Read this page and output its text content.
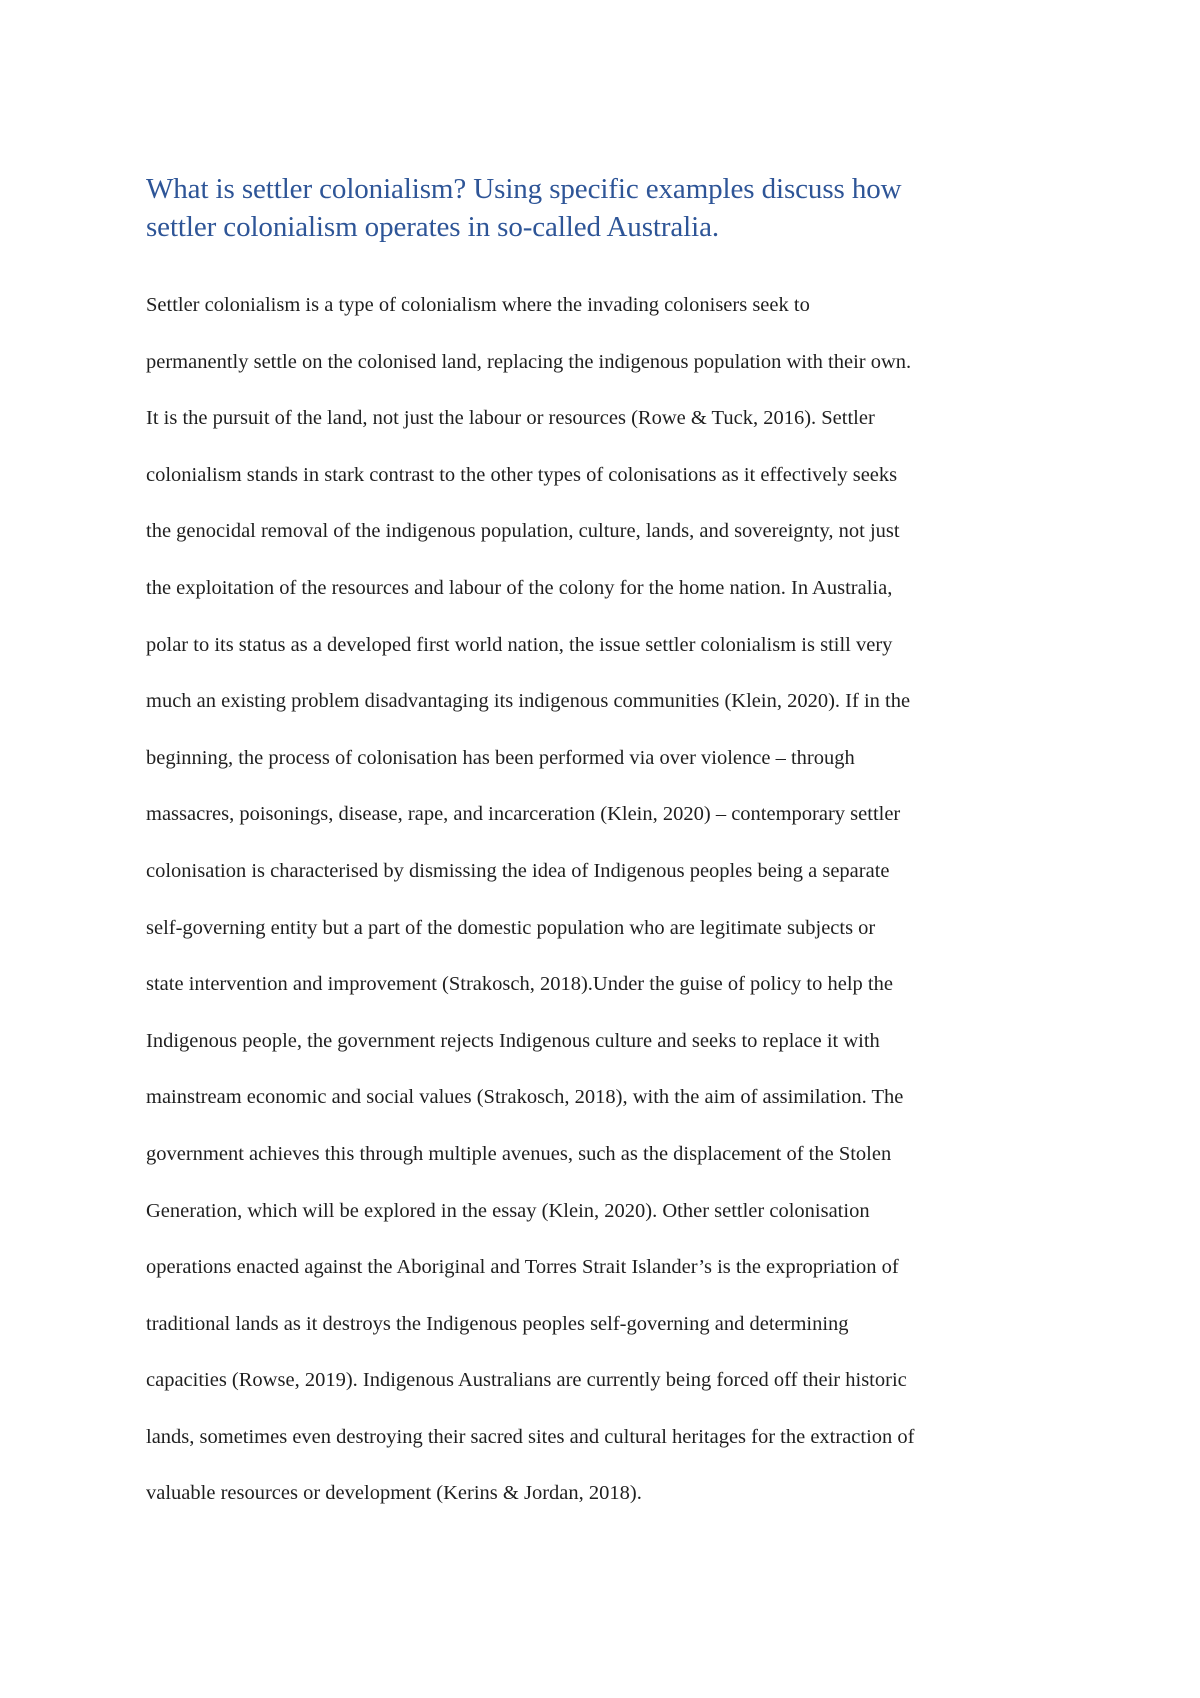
What is settler colonialism? Using specific examples discuss how
settler colonialism operates in so-called Australia.

Settler colonialism is a type of colonialism where the invading colonisers seek to
permanently settle on the colonised land, replacing the indigenous population with their own.
It is the pursuit of the land, not just the labour or resources (Rowe & Tuck, 2016). Settler
colonialism stands in stark contrast to the other types of colonisations as it effectively seeks
the genocidal removal of the indigenous population, culture, lands, and sovereignty, not just
the exploitation of the resources and labour of the colony for the home nation. In Australia,
polar to its status as a developed first world nation, the issue settler colonialism is still very
much an existing problem disadvantaging its indigenous communities (Klein, 2020). If in the
beginning, the process of colonisation has been performed via over violence – through
massacres, poisonings, disease, rape, and incarceration (Klein, 2020) – contemporary settler
colonisation is characterised by dismissing the idea of Indigenous peoples being a separate
self-governing entity but a part of the domestic population who are legitimate subjects or
state intervention and improvement (Strakosch, 2018).Under the guise of policy to help the
Indigenous people, the government rejects Indigenous culture and seeks to replace it with
mainstream economic and social values (Strakosch, 2018), with the aim of assimilation. The
government achieves this through multiple avenues, such as the displacement of the Stolen
Generation, which will be explored in the essay (Klein, 2020). Other settler colonisation
operations enacted against the Aboriginal and Torres Strait Islander’s is the expropriation of
traditional lands as it destroys the Indigenous peoples self-governing and determining
capacities (Rowse, 2019). Indigenous Australians are currently being forced off their historic
lands, sometimes even destroying their sacred sites and cultural heritages for the extraction of
valuable resources or development (Kerins & Jordan, 2018).
